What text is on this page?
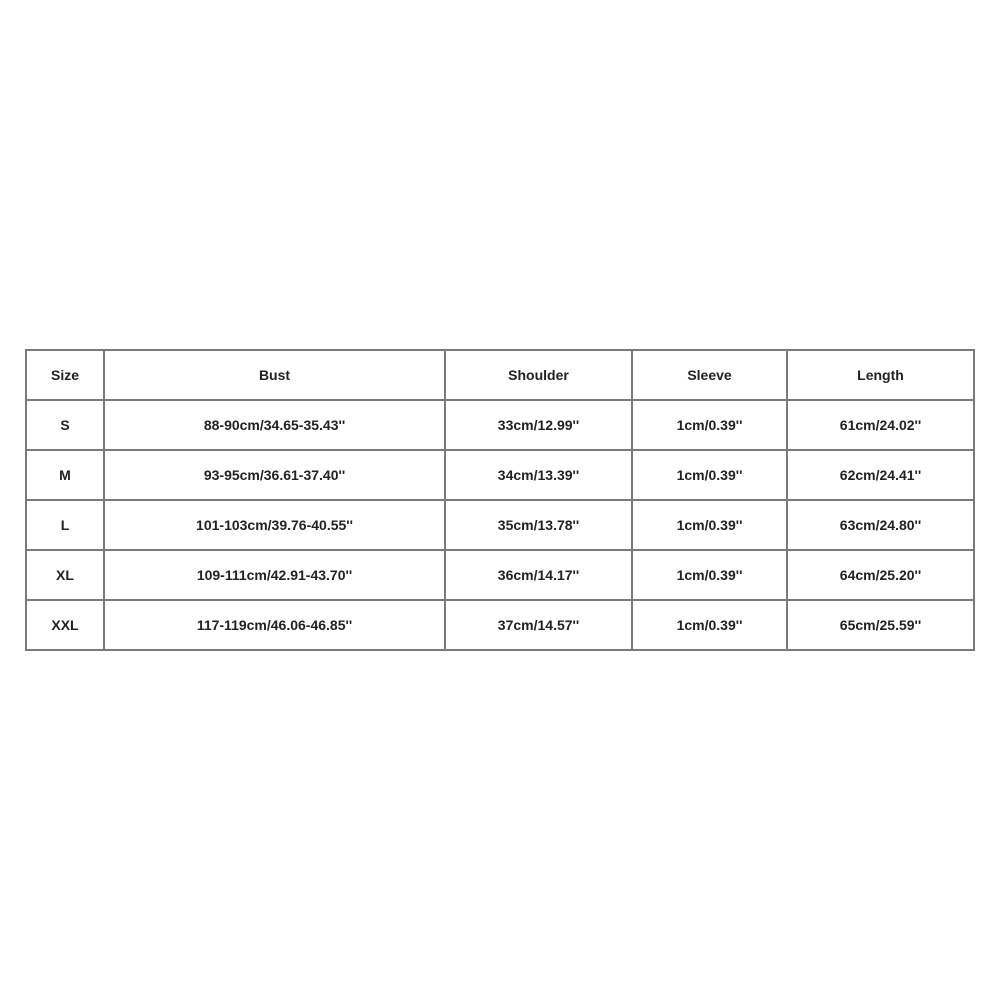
Size	Bust	Shoulder	Sleeve	Length
S	88-90cm/34.65-35.43''	33cm/12.99''	1cm/0.39''	61cm/24.02''
M	93-95cm/36.61-37.40''	34cm/13.39''	1cm/0.39''	62cm/24.41''
L	101-103cm/39.76-40.55''	35cm/13.78''	1cm/0.39''	63cm/24.80''
XL	109-111cm/42.91-43.70''	36cm/14.17''	1cm/0.39''	64cm/25.20''
XXL	117-119cm/46.06-46.85''	37cm/14.57''	1cm/0.39''	65cm/25.59''
